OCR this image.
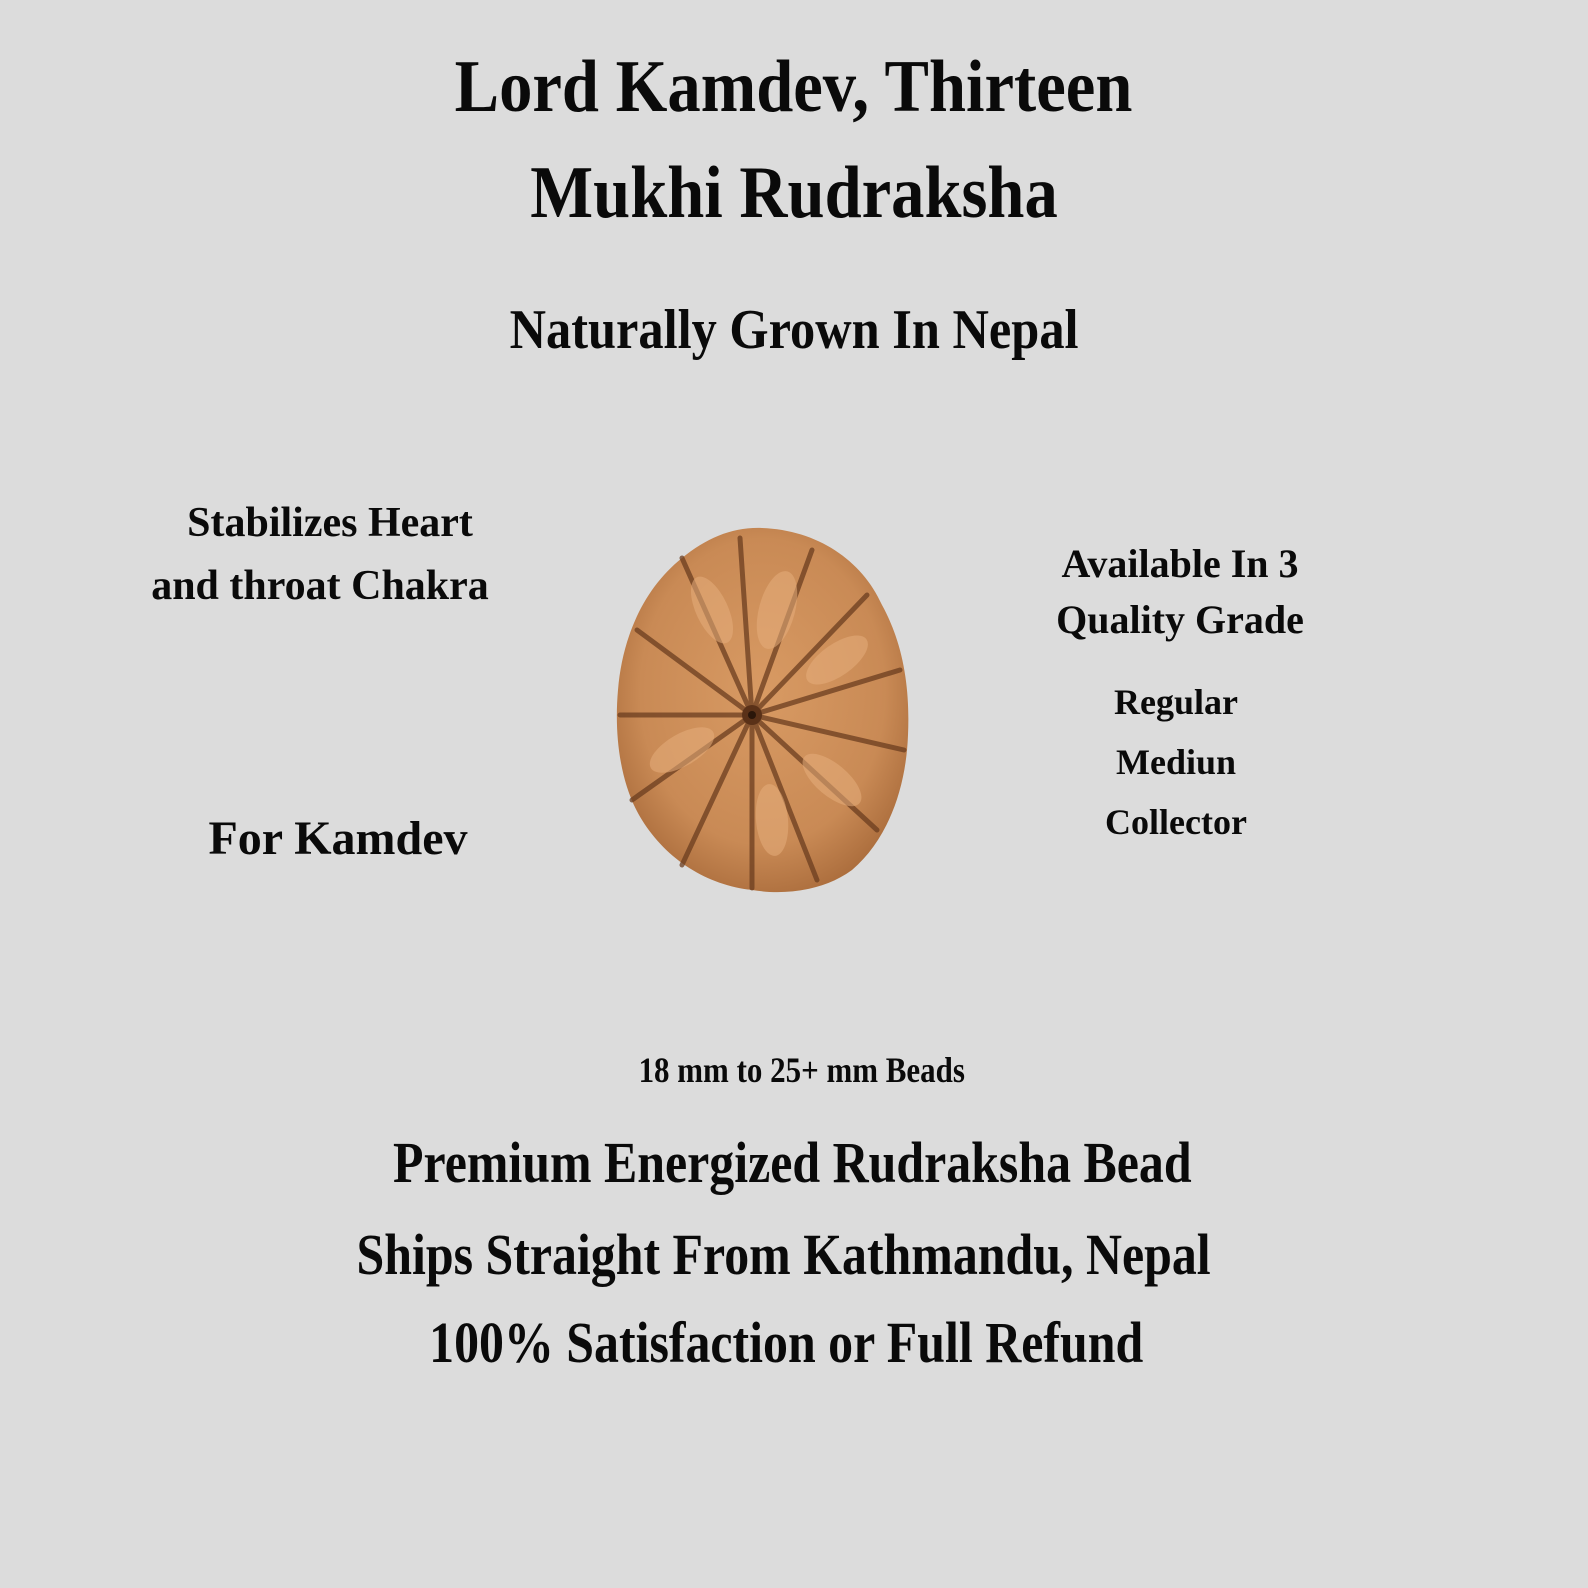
Lord Kamdev, Thirteen
Mukhi Rudraksha
Naturally Grown In Nepal
Stabilizes Heart
and throat Chakra
For Kamdev
Available In 3
Quality Grade
Regular
Mediun
Collector
18 mm to 25+ mm Beads
Premium Energized Rudraksha Bead
Ships Straight From Kathmandu, Nepal
100% Satisfaction or Full Refund
